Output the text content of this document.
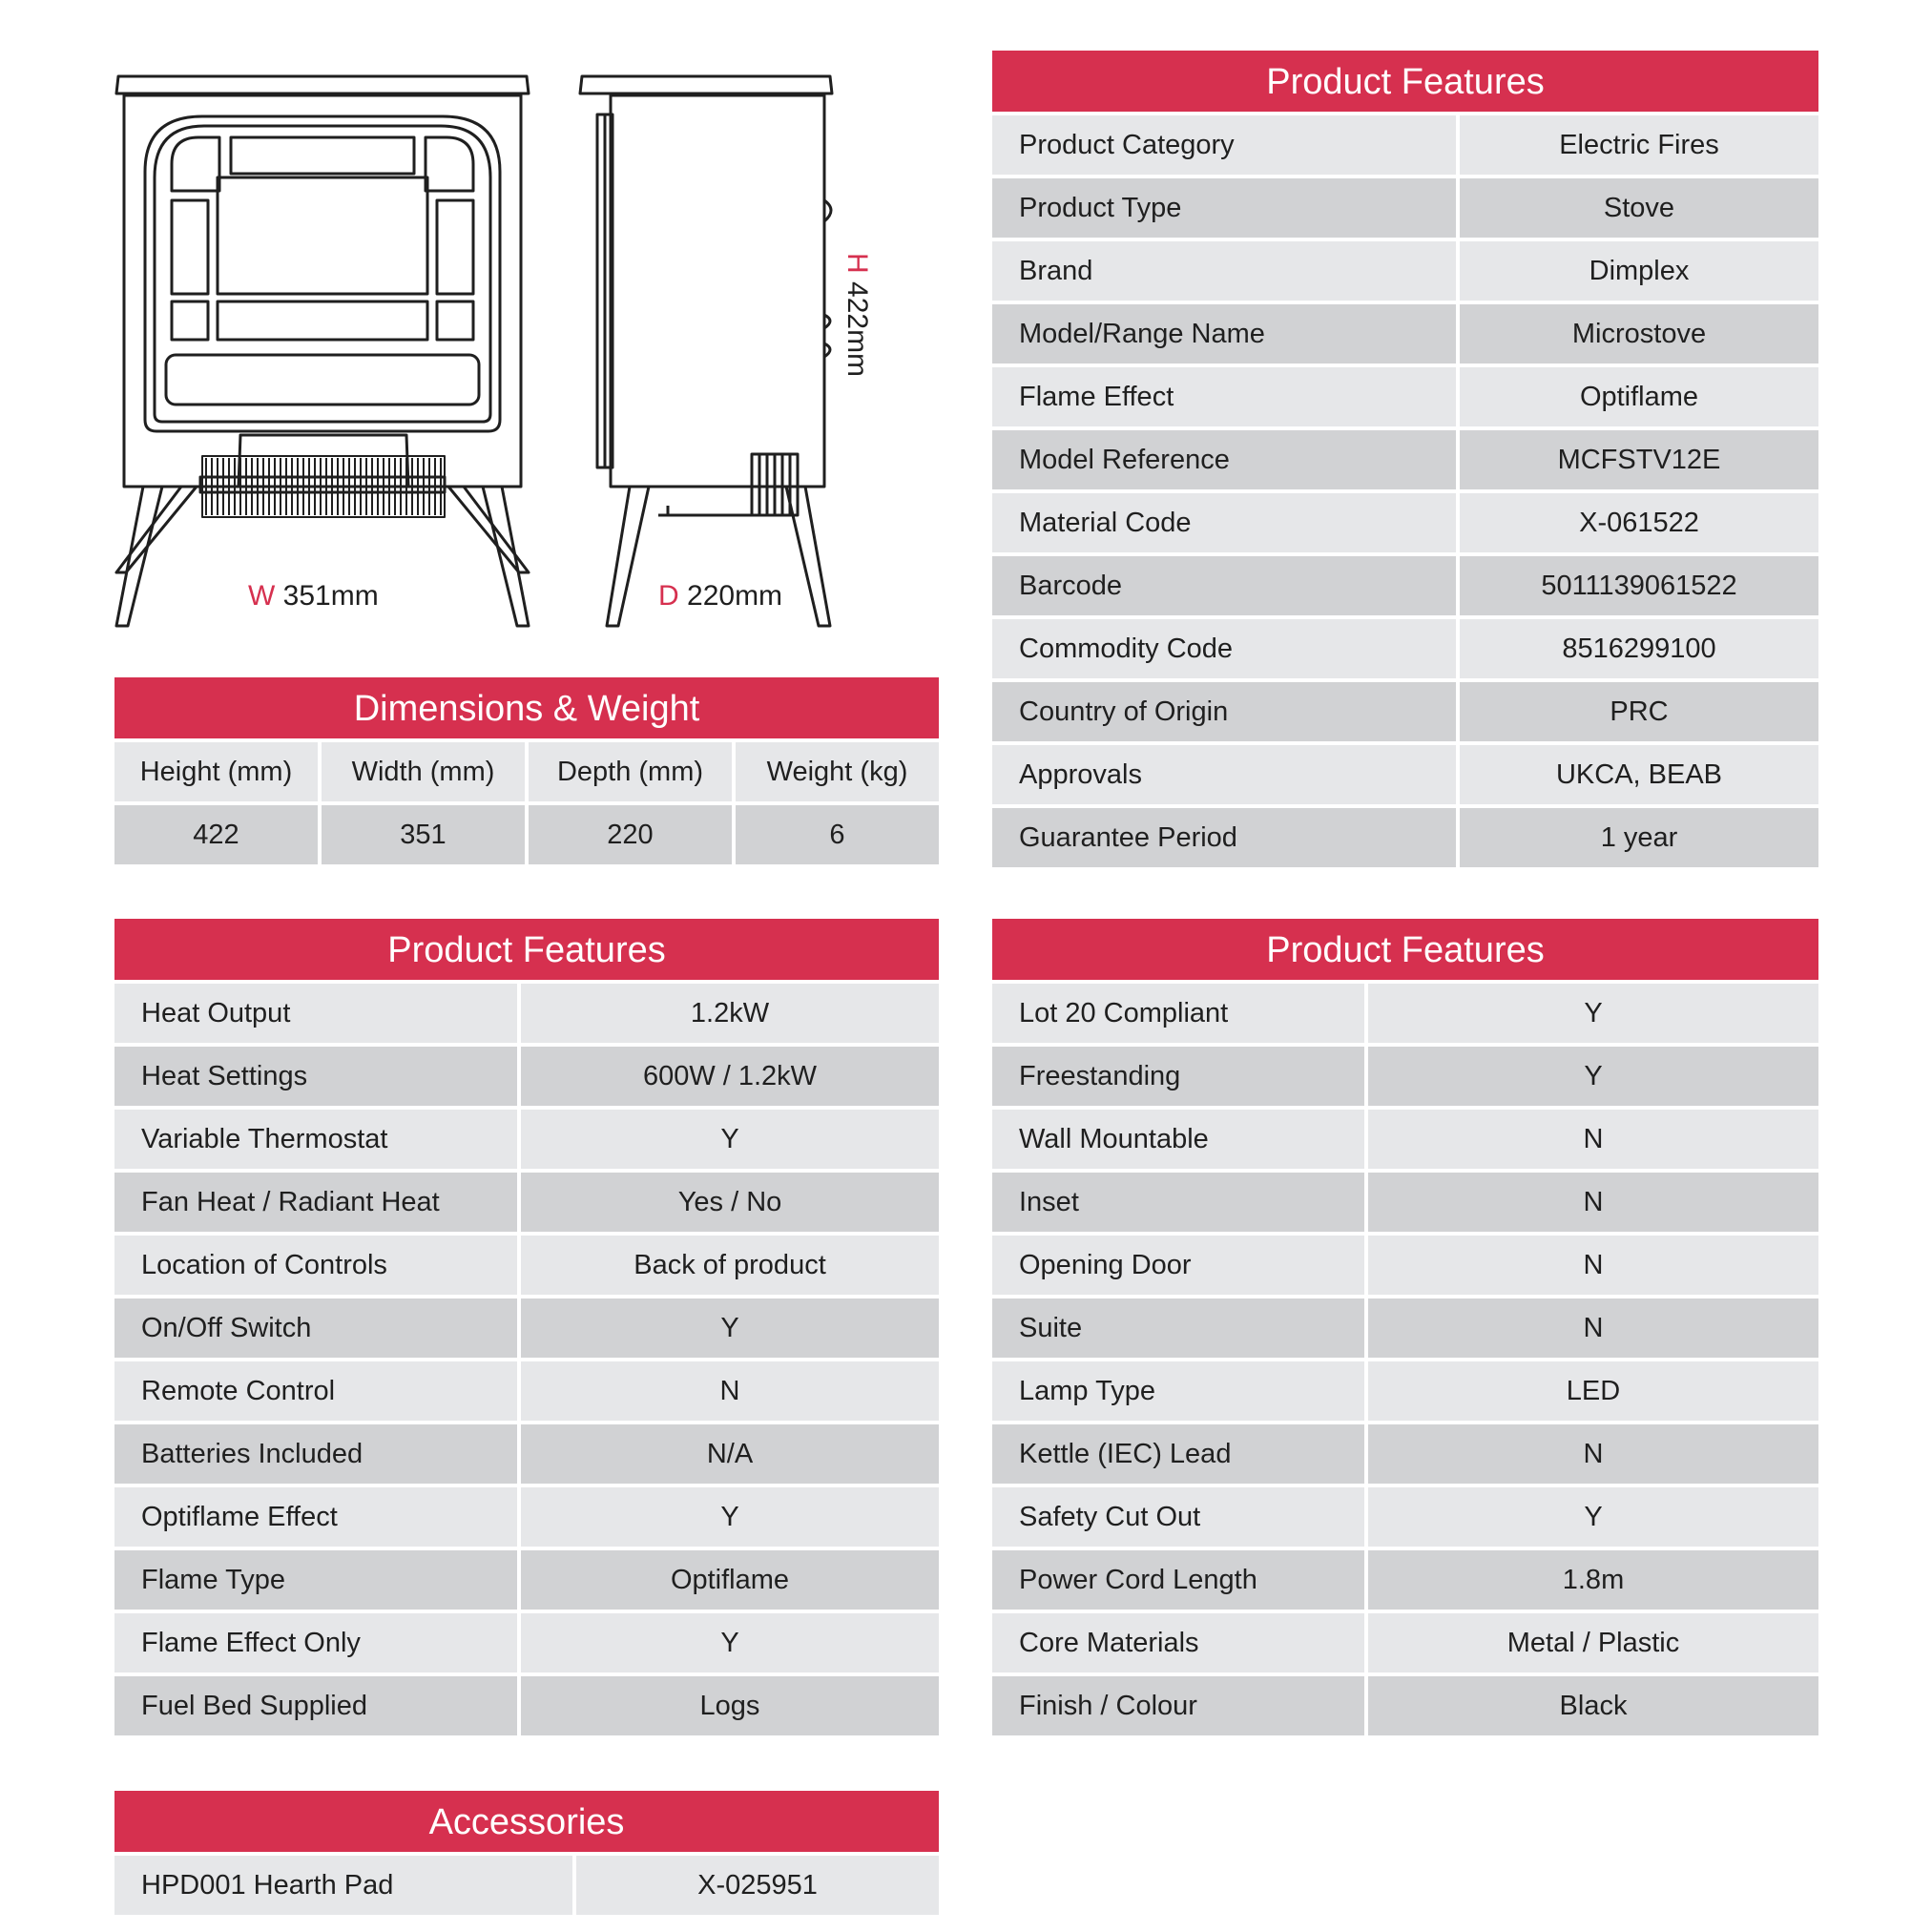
W 351mm	D 220mm
H 422mm
Dimensions & Weight
Height (mm)	Width (mm)	Depth (mm)	Weight (kg)
422	351	220	6
Product Features
Product Category	Electric Fires
Product Type	Stove
Brand	Dimplex
Model/Range Name	Microstove
Flame Effect	Optiflame
Model Reference	MCFSTV12E
Material Code	X-061522
Barcode	5011139061522
Commodity Code	8516299100
Country of Origin	PRC
Approvals	UKCA, BEAB
Guarantee Period	1 year
Product Features
Heat Output	1.2kW
Heat Settings	600W / 1.2kW
Variable Thermostat	Y
Fan Heat / Radiant Heat	Yes / No
Location of Controls	Back of product
On/Off Switch	Y
Remote Control	N
Batteries Included	N/A
Optiflame Effect	Y
Flame Type	Optiflame
Flame Effect Only	Y
Fuel Bed Supplied	Logs
Product Features
Lot 20 Compliant	Y
Freestanding	Y
Wall Mountable	N
Inset	N
Opening Door	N
Suite	N
Lamp Type	LED
Kettle (IEC) Lead	N
Safety Cut Out	Y
Power Cord Length	1.8m
Core Materials	Metal / Plastic
Finish / Colour	Black
Accessories
HPD001 Hearth Pad	X-025951
